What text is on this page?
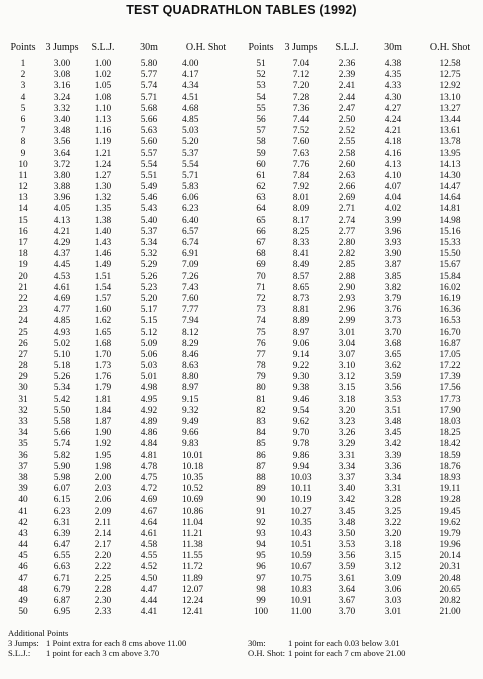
TEST QUADRATHLON TABLES (1992)
Points 3 Jumps	S.L.J.	30m	O.H. Shot
1	3.00	1.00	5.80	4.00
2	3.08	1.02	5.77	4.17
3	3.16	1.05	5.74	4.34
4	3.24	1.08	5.71	4.51
5	3.32	1.10	5.68	4.68
6	3.40	1.13	5.66	4.85
7	3.48	1.16	5.63	5.03
8	3.56	1.19	5.60	5.20
9	3.64	1.21	5.57	5.37
10	3.72	1.24	5.54	5.54
11	3.80	1.27	5.51	5.71
12	3.88	1.30	5.49	5.83
13	3.96	1.32	5.46	6.06
14	4.05	1.35	5.43	6.23
15	4.13	1.38	5.40	6.40
16	4.21	1.40	5.37	6.57
17	4.29	1.43	5.34	6.74
18	4.37	1.46	5.32	6.91
19	4.45	1.49	5.29	7.09
20	4.53	1.51	5.26	7.26
21	4.61	1.54	5.23	7.43
22	4.69	1.57	5.20	7.60
23	4.77	1.60	5.17	7.77
24	4.85	1.62	5.15	7.94
25	4.93	1.65	5.12	8.12
26	5.02	1.68	5.09	8.29
27	5.10	1.70	5.06	8.46
28	5.18	1.73	5.03	8.63
29	5.26	1.76	5.01	8.80
30	5.34	1.79	4.98	8.97
31	5.42	1.81	4.95	9.15
32	5.50	1.84	4.92	9.32
33	5.58	1.87	4.89	9.49
34	5.66	1.90	4.86	9.66
35	5.74	1.92	4.84	9.83
36	5.82	1.95	4.81	10.01
37	5.90	1.98	4.78	10.18
38	5.98	2.00	4.75	10.35
39	6.07	2.03	4.72	10.52
40	6.15	2.06	4.69	10.69
41	6.23	2.09	4.67	10.86
42	6.31	2.11	4.64	11.04
43	6.39	2.14	4.61	11.21
44	6.47	2.17	4.58	11.38
45	6.55	2.20	4.55	11.55
46	6.63	2.22	4.52	11.72
47	6.71	2.25	4.50	11.89
48	6.79	2.28	4.47	12.07
49	6.87	2.30	4.44	12.24
50	6.95	2.33	4.41	12.41
Points	3 Jumps	S.L.J.	30m	O.H. Shot
51	7.04	2.36	4.38	12.58
52	7.12	2.39	4.35	12.75
53	7.20	2.41	4.33	12.92
54	7.28	2.44	4.30	13.10
55	7.36	2.47	4.27	13.27
56	7.44	2.50	4.24	13.44
57	7.52	2.52	4.21	13.61
58	7.60	2.55	4.18	13.78
59	7.63	2.58	4.16	13.95
60	7.76	2.60	4.13	14.13
61	7.84	2.63	4.10	14.30
62	7.92	2.66	4.07	14.47
63	8.01	2.69	4.04	14.64
64	8.09	2.71	4.02	14.81
65	8.17	2.74	3.99	14.98
66	8.25	2.77	3.96	15.16
67	8.33	2.80	3.93	15.33
68	8.41	2.82	3.90	15.50
69	8.49	2.85	3.87	15.67
70	8.57	2.88	3.85	15.84
71	8.65	2.90	3.82	16.02
72	8.73	2.93	3.79	16.19
73	8.81	2.96	3.76	16.36
74	8.89	2.99	3.73	16.53
75	8.97	3.01	3.70	16.70
76	9.06	3.04	3.68	16.87
77	9.14	3.07	3.65	17.05
78	9.22	3.10	3.62	17.22
79	9.30	3.12	3.59	17.39
80	9.38	3.15	3.56	17.56
81	9.46	3.18	3.53	17.73
82	9.54	3.20	3.51	17.90
83	9.62	3.23	3.48	18.03
84	9.70	3.26	3.45	18.25
85	9.78	3.29	3.42	18.42
86	9.86	3.31	3.39	18.59
87	9.94	3.34	3.36	18.76
88	10.03	3.37	3.34	18.93
89	10.11	3.40	3.31	19.11
90	10.19	3.42	3.28	19.28
91	10.27	3.45	3.25	19.45
92	10.35	3.48	3.22	19.62
93	10.43	3.50	3.20	19.79
94	10.51	3.53	3.18	19.96
95	10.59	3.56	3.15	20.14
96	10.67	3.59	3.12	20.31
97	10.75	3.61	3.09	20.48
98	10.83	3.64	3.06	20.65
99	10.91	3.67	3.03	20.82
100	11.00	3.70	3.01	21.00
Additional Points
3 Jumps: 1 Point extra for each 8 cms above 11.00	30m:	1 point for each 0.03 below 3.01
S.L.J.:	1 point for each 3 cm above 3.70	O.H. Shot: 1 point for each 7 cm above 21.00
